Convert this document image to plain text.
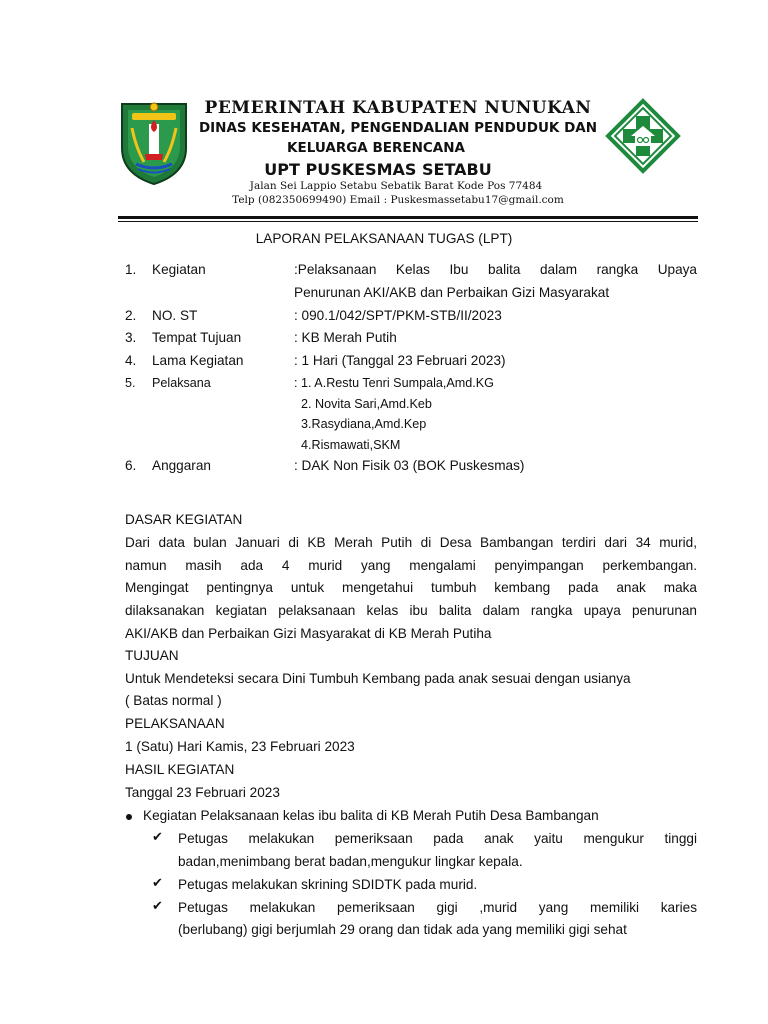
PEMERINTAH KABUPATEN NUNUKAN
DINAS KESEHATAN, PENGENDALIAN PENDUDUK DAN
KELUARGA BERENCANA
UPT PUSKESMAS SETABU
Jalan Sei Lappio Setabu Sebatik Barat Kode Pos 77484
Telp (082350699490) Email : Puskesmassetabu17@gmail.com
LAPORAN PELAKSANAAN TUGAS (LPT)
1. Kegiatan	:Pelaksanaan Kelas Ibu balita dalam rangka Upaya
Penurunan AKI/AKB dan Perbaikan Gizi Masyarakat
2. NO. ST	: 090.1/042/SPT/PKM-STB/II/2023
3. Tempat Tujuan	: KB Merah Putih
4. Lama Kegiatan	: 1 Hari (Tanggal 23 Februari 2023)
5. Pelaksana	: 1. A.Restu Tenri Sumpala,Amd.KG
2. Novita Sari,Amd.Keb
3.Rasydiana,Amd.Kep
4.Rismawati,SKM
6. Anggaran	: DAK Non Fisik 03 (BOK Puskesmas)
DASAR KEGIATAN
Dari data bulan Januari di KB Merah Putih di Desa Bambangan terdiri dari 34 murid,
namun masih ada 4 murid yang mengalami penyimpangan perkembangan.
Mengingat pentingnya untuk mengetahui tumbuh kembang pada anak maka
dilaksanakan kegiatan pelaksanaan kelas ibu balita dalam rangka upaya penurunan
AKI/AKB dan Perbaikan Gizi Masyarakat di KB Merah Putiha
TUJUAN
Untuk Mendeteksi secara Dini Tumbuh Kembang pada anak sesuai dengan usianya
( Batas normal )
PELAKSANAAN
1 (Satu) Hari Kamis, 23 Februari 2023
HASIL KEGIATAN
Tanggal 23 Februari 2023
Kegiatan Pelaksanaan kelas ibu balita di KB Merah Putih Desa Bambangan
✔ Petugas melakukan pemeriksaan pada anak yaitu mengukur tinggi
badan,menimbang berat badan,mengukur lingkar kepala.
✔ Petugas melakukan skrining SDIDTK pada murid.
✔ Petugas melakukan pemeriksaan gigi ,murid yang memiliki karies
(berlubang) gigi berjumlah 29 orang dan tidak ada yang memiliki gigi sehat
